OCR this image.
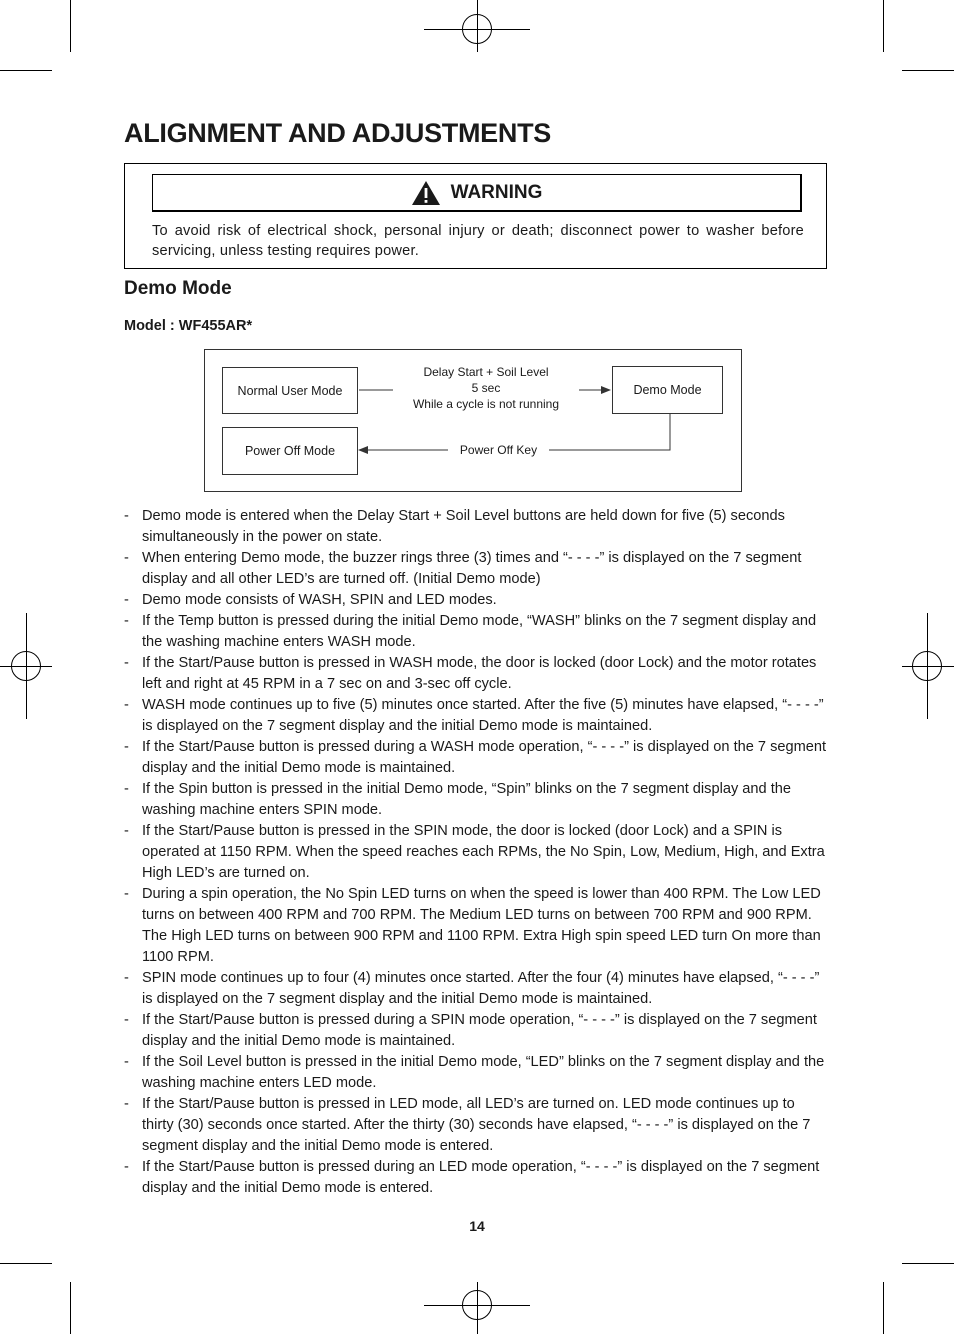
ALIGNMENT AND ADJUSTMENTS
WARNING
To avoid risk of electrical shock, personal injury or death; disconnect power to washer before servicing, unless testing requires power.
Demo Mode
Model : WF455AR*
Normal User Mode	Demo Mode
Power Off Mode
Delay Start + Soil Level
5 sec
While a cycle is not running
Power Off Key
- Demo mode is entered when the Delay Start + Soil Level buttons are held down for five (5) seconds simultaneously in the power on state.
- When entering Demo mode, the buzzer rings three (3) times and “- - - -” is displayed on the 7 segment display and all other LED’s are turned off. (Initial Demo mode)
- Demo mode consists of WASH, SPIN and LED modes.
- If the Temp button is pressed during the initial Demo mode, “WASH” blinks on the 7 segment display and the washing machine enters WASH mode.
- If the Start/Pause button is pressed in WASH mode, the door is locked (door Lock) and the motor rotates left and right at 45 RPM in a 7 sec on and 3-sec off cycle.
- WASH mode continues up to five (5) minutes once started. After the five (5) minutes have elapsed, “- - - -” is displayed on the 7 segment display and the initial Demo mode is maintained.
- If the Start/Pause button is pressed during a WASH mode operation, “- - - -” is displayed on the 7 segment display and the initial Demo mode is maintained.
- If the Spin button is pressed in the initial Demo mode, “Spin” blinks on the 7 segment display and the washing machine enters SPIN mode.
- If the Start/Pause button is pressed in the SPIN mode, the door is locked (door Lock) and a SPIN is operated at 1150 RPM. When the speed reaches each RPMs, the No Spin, Low, Medium, High, and Extra High LED’s are turned on.
- During a spin operation, the No Spin LED turns on when the speed is lower than 400 RPM. The Low LED turns on between 400 RPM and 700 RPM. The Medium LED turns on between 700 RPM and 900 RPM. The High LED turns on between 900 RPM and 1100 RPM. Extra High spin speed LED turn On more than 1100 RPM.
- SPIN mode continues up to four (4) minutes once started. After the four (4) minutes have elapsed, “- - - -” is displayed on the 7 segment display and the initial Demo mode is maintained.
- If the Start/Pause button is pressed during a SPIN mode operation, “- - - -” is displayed on the 7 segment display and the initial Demo mode is maintained.
- If the Soil Level button is pressed in the initial Demo mode, “LED” blinks on the 7 segment display and the washing machine enters LED mode.
- If the Start/Pause button is pressed in LED mode, all LED’s are turned on. LED mode continues up to thirty (30) seconds once started. After the thirty (30) seconds have elapsed, “- - - -” is displayed on the 7 segment display and the initial Demo mode is entered.
- If the Start/Pause button is pressed during an LED mode operation, “- - - -” is displayed on the 7 segment display and the initial Demo mode is entered.
14
